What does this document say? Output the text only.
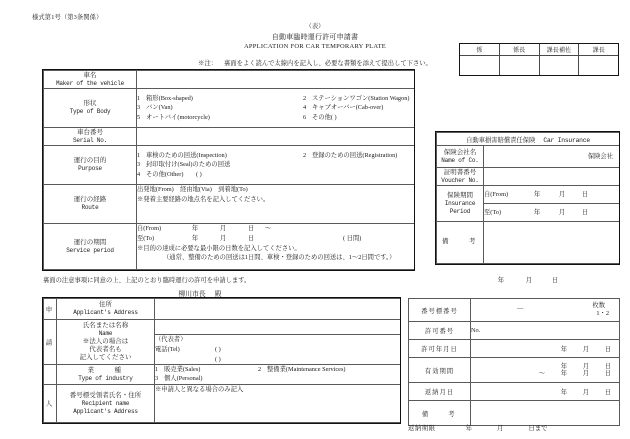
様式第1号（第3条関係）
（表）
自動車臨時運行許可申請書
APPLICATION FOR CAR TEMPORARY PLATE
※注： 裏面をよく読んで太線内を記入し、必要な書類を添えて提出して下さい。
係	係長	課長補佐	課長
車名
Maker of the vehicle	

形状
Type of Body

1 箱形(Box-shaped)	2 ステーションワゴン(Station Wagon)
3 バン(Van)	4 キャブオーバー(Cab-over)
5 オートバイ(motorcycle)	6 その他( )

車台番号
Serial No.	

運行の目的
Purpose

1 車検のための回送(Inspection)	2 登録のための回送(Registration)
3 封印取付け(Seal)のための回送
4 その他(Other)　　( )

運行の経路
Route

出発地(From)　経由地(Via)　到着地(To)
※発着主要経路の地点名を記入してください。

運行の期間
Service period

自(From)	年	月	日 ～
至(To)	年	月	日	( 日間)
※目的の達成に必要な最小限の日数を記入してください。
（通常、整備のための回送は1日間、車検・登録のための回送は、1～2日間です。）
自動車損害賠償責任保険 Car Insurance	

保険会社名
Name of Co.	保険会社

証明書番号
Voucher No.	

保険期間
Insurance
Period	自(From) 年 月 日
	至(To) 年 月 日

備　　考	

裏面の注意事項に同意の上、上記のとおり臨時運行の許可を申請します。	年	月	日
柳川市長 殿
申	住所
Applicant's Address	

請	氏名または名称
Name
※法人の場合は
代表者名も
記入してください	

		（代表者）
電話(Tel) ( )
( )

業　　種
Type of industry

1 販売業(Sales)	2 整備業(Maintenance Services)
3 個人(Personal)

人	番号標受領者氏名・住所
Recipient name
Applicant's Address	※申請人と異なる場合のみ記入
番号標番号	枚数
1・2
—

許可番号	No.
許可年月日	年 月 日
有効期間	年 月 日
～ 年 月 日

返納月日	年 月 日
備　　考	
返納期限	年	月	日まで
